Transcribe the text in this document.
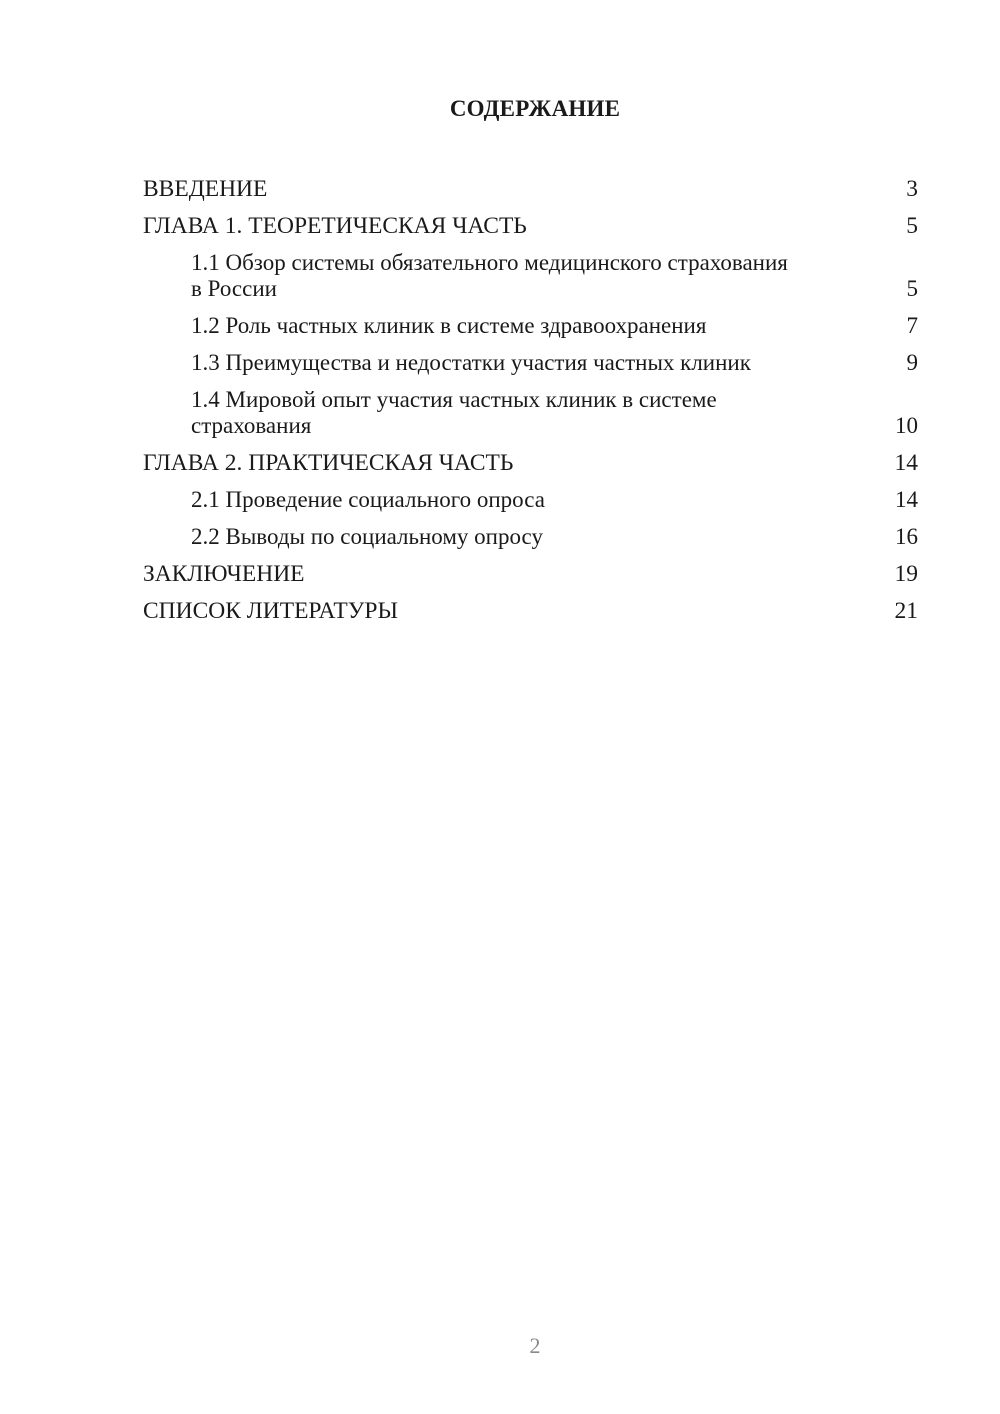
СОДЕРЖАНИЕ
ВВЕДЕНИЕ	3
ГЛАВА 1. ТЕОРЕТИЧЕСКАЯ ЧАСТЬ	5
1.1 Обзор системы обязательного медицинского страхования в России	5
1.2 Роль частных клиник в системе здравоохранения	7
1.3 Преимущества и недостатки участия частных клиник	9
1.4 Мировой опыт участия частных клиник в системе страхования	10
ГЛАВА 2. ПРАКТИЧЕСКАЯ ЧАСТЬ	14
2.1 Проведение социального опроса	14
2.2 Выводы по социальному опросу	16
ЗАКЛЮЧЕНИЕ	19
СПИСОК ЛИТЕРАТУРЫ	21
2
